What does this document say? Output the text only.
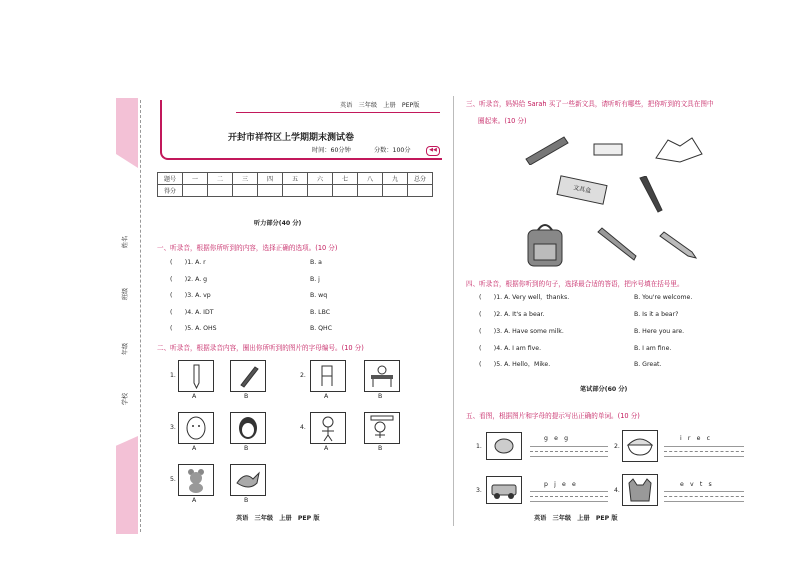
姓名
班级
年级
学校
英语　三年级　上册　PEP版
开封市祥符区上学期期末测试卷
时间：60分钟	分数：100分	◀◀
题号	一	二	三	四	五	六	七	八	九	总分
得分										
听力部分(40 分)
一、听录音，根据你所听到的内容，选择正确的选项。(10 分)
(　　)1. A. r	B. a
(　　)2. A. g	B. j
(　　)3. A. vp	B. wq
(　　)4. A. IDT	B. LBC
(　　)5. A. OHS	B. QHC
二、听录音，根据录音内容，圈出你所听到的图片的字母编号。(10 分)
1.
A	B
2.
A	B
3.
A	B
4.
A	B
5.
A	B
英语　三年级　上册　PEP 版
三、听录音，妈妈给 Sarah 买了一些新文具，请听听有哪些，把你听到的文具在图中
圈起来。(10 分)
文具盒
四、听录音，根据你听到的句子，选择最合适的答语，把序号填在括号里。
(　　)1. A. Very well，thanks.	B. You're welcome.
(　　)2. A. It's a bear.	B. Is it a bear?
(　　)3. A. Have some milk.	B. Here you are.
(　　)4. A. I am five.	B. I am fine.
(　　)5. A. Hello，Mike.	B. Great.
笔试部分(60 分)
五、看图，根据图片和字母的提示写出正确的单词。(10 分)
1.
g　e　g
2.
i　r　e　c
3.
p　j　e　e
4.
e　v　t　s
英语　三年级　上册　PEP 版
